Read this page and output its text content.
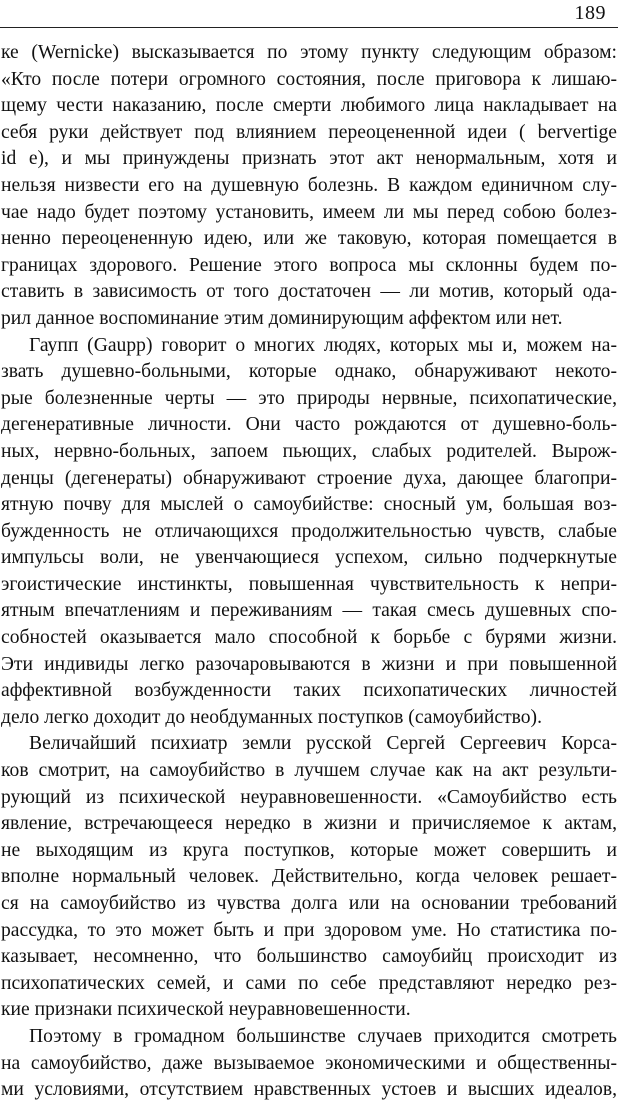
189
ке (Wernicke) высказывается по этому пункту следующим образом:
«Кто после потери огромного состояния, после приговора к лишаю-
щему чести наказанию, после смерти любимого лица накладывает на
себя руки действует под влиянием переоцененной идеи ( bervertige
id e), и мы принуждены признать этот акт ненормальным, хотя и
нельзя низвести его на душевную болезнь. В каждом единичном слу-
чае надо будет поэтому установить, имеем ли мы перед собою болез-
ненно переоцененную идею, или же таковую, которая помещается в
границах здорового. Решение этого вопроса мы склонны будем по-
ставить в зависимость от того достаточен — ли мотив, который ода-
рил данное воспоминание этим доминирующим аффектом или нет.
Гаупп (Gaupp) говорит о многих людях, которых мы и, можем на-
звать душевно-больными, которые однако, обнаруживают некото-
рые болезненные черты — это природы нервные, психопатические,
дегенеративные личности. Они часто рождаются от душевно-боль-
ных, нервно-больных, запоем пьющих, слабых родителей. Вырож-
денцы (дегенераты) обнаруживают строение духа, дающее благопри-
ятную почву для мыслей о самоубийстве: сносный ум, большая воз-
бужденность не отличающихся продолжительностью чувств, слабые
импульсы воли, не увенчающиеся успехом, сильно подчеркнутые
эгоистические инстинкты, повышенная чувствительность к непри-
ятным впечатлениям и переживаниям — такая смесь душевных спо-
собностей оказывается мало способной к борьбе с бурями жизни.
Эти индивиды легко разочаровываются в жизни и при повышенной
аффективной возбужденности таких психопатических личностей
дело легко доходит до необдуманных поступков (самоубийство).
Величайший психиатр земли русской Сергей Сергеевич Корса-
ков смотрит, на самоубийство в лучшем случае как на акт результи-
рующий из психической неуравновешенности. «Самоубийство есть
явление, встречающееся нередко в жизни и причисляемое к актам,
не выходящим из круга поступков, которые может совершить и
вполне нормальный человек. Действительно, когда человек решает-
ся на самоубийство из чувства долга или на основании требований
рассудка, то это может быть и при здоровом уме. Но статистика по-
казывает, несомненно, что большинство самоубийц происходит из
психопатических семей, и сами по себе представляют нередко рез-
кие признаки психической неуравновешенности.
Поэтому в громадном большинстве случаев приходится смотреть
на самоубийство, даже вызываемое экономическими и общественны-
ми условиями, отсутствием нравственных устоев и высших идеалов,
